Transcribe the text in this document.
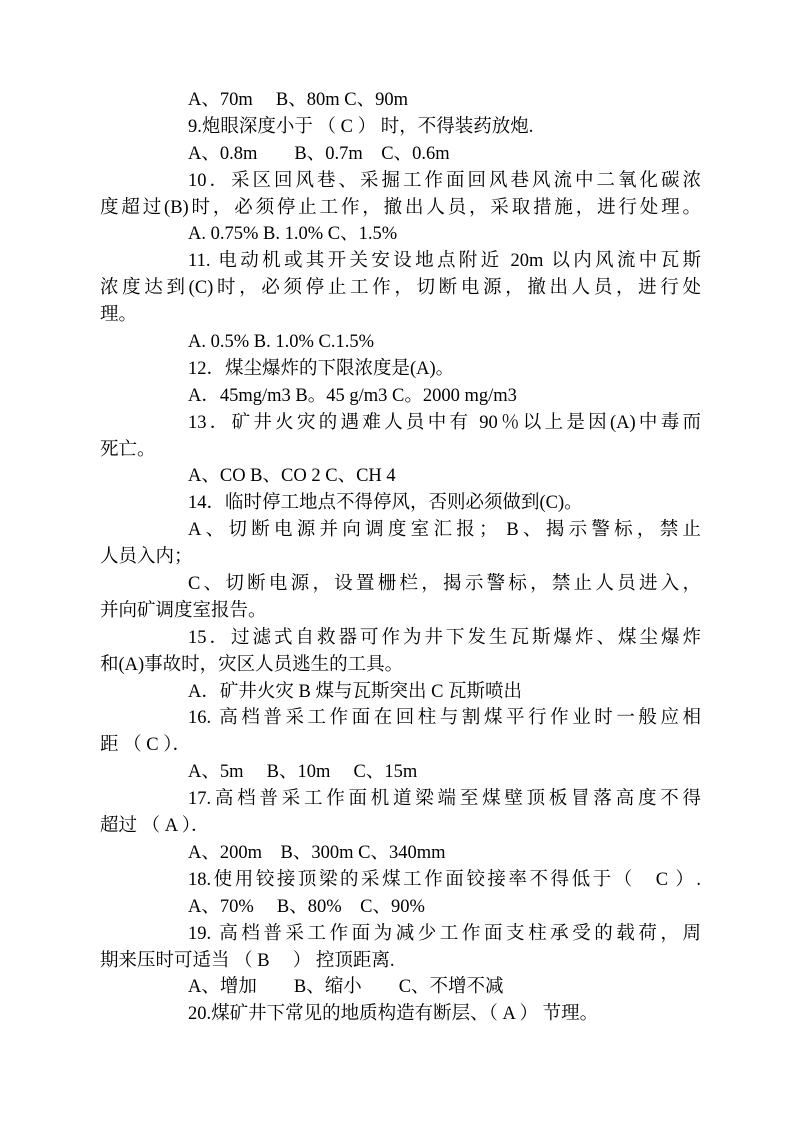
A、70m　 B、80m C、90m
9.炮眼深度小于 （ C ） 时，不得装药放炮.
A、0.8m　　B、0.7m　C、0.6m
10．采区回风巷、采掘工作面回风巷风流中二氧化碳浓
度超过(B)时，必须停止工作，撤出人员，采取措施，进行处理。
A. 0.75% B. 1.0% C、1.5%
11. 电动机或其开关安设地点附近 20m 以内风流中瓦斯
浓度达到(C)时，必须停止工作，切断电源，撤出人员，进行处
理。
A. 0.5% B. 1.0% C.1.5%
12．煤尘爆炸的下限浓度是(A)。
A．45mg/m3 B。45 g/m3 C。2000 mg/m3
13．矿井火灾的遇难人员中有 90％以上是因(A)中毒而
死亡。
A、CO B、CO 2 C、CH 4
14．临时停工地点不得停风，否则必须做到(C)。
A、切断电源并向调度室汇报； B、揭示警标，禁止
人员入内；
C、切断电源，设置栅栏，揭示警标，禁止人员进入，
并向矿调度室报告。
15．过滤式自救器可作为井下发生瓦斯爆炸、煤尘爆炸
和(A)事故时，灾区人员逃生的工具。
A．矿井火灾 B 煤与瓦斯突出 C 瓦斯喷出
16. 高档普采工作面在回柱与割煤平行作业时一般应相
距 （ C ）．
A、5m　 B、10m　 C、15m
17.高档普采工作面机道梁端至煤壁顶板冒落高度不得
超过 （ A ）．
A、200m　B、300m C、340mm
18.使用铰接顶梁的采煤工作面铰接率不得低于（　C ）.
A、70%　 B、80%　C、90%
19. 高档普采工作面为减少工作面支柱承受的载荷，周
期来压时可适当 （ B　 ） 控顶距离.
A、增加　　B、缩小　　C、不增不减
20.煤矿井下常见的地质构造有断层、（ A ） 节理。
